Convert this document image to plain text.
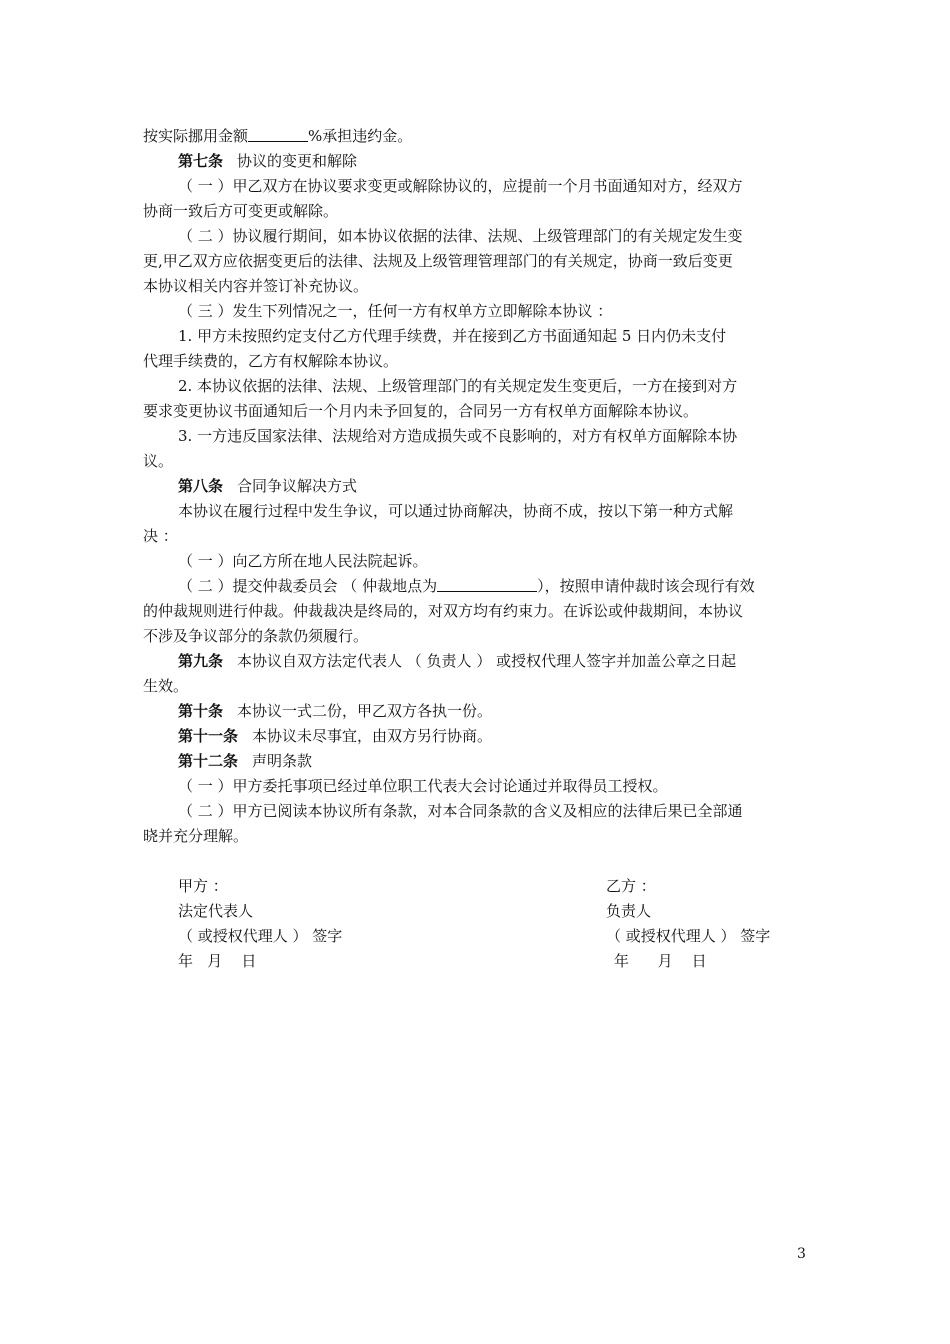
按实际挪用金额	%承担违约金。
第七条 协议的变更和解除
（ 一 ）甲乙双方在协议要求变更或解除协议的，应提前一个月书面通知对方，经双方
协商一致后方可变更或解除。
（ 二 ）协议履行期间，如本协议依据的法律、法规、上级管理部门的有关规定发生变
更,甲乙双方应依据变更后的法律、法规及上级管理管理部门的有关规定，协商一致后变更
本协议相关内容并签订补充协议。
（ 三 ）发生下列情况之一，任何一方有权单方立即解除本协议 ：
1. 甲方未按照约定支付乙方代理手续费，并在接到乙方书面通知起 5 日内仍未支付
代理手续费的，乙方有权解除本协议。
2. 本协议依据的法律、法规、上级管理部门的有关规定发生变更后，一方在接到对方
要求变更协议书面通知后一个月内未予回复的，合同另一方有权单方面解除本协议。
3. 一方违反国家法律、法规给对方造成损失或不良影响的，对方有权单方面解除本协
议。
第八条 合同争议解决方式
本协议在履行过程中发生争议，可以通过协商解决，协商不成，按以下第一种方式解
决 ：
（ 一 ）向乙方所在地人民法院起诉。
（ 二 ）提交仲裁委员会 （ 仲裁地点为	），按照申请仲裁时该会现行有效
的仲裁规则进行仲裁。仲裁裁决是终局的，对双方均有约束力。在诉讼或仲裁期间，本协议
不涉及争议部分的条款仍须履行。
第九条 本协议自双方法定代表人 （ 负责人 ） 或授权代理人签字并加盖公章之日起
生效。
第十条 本协议一式二份，甲乙双方各执一份。
第十一条 本协议未尽事宜，由双方另行协商。
第十二条 声明条款
（ 一 ）甲方委托事项已经过单位职工代表大会讨论通过并取得员工授权。
（ 二 ）甲方已阅读本协议所有条款，对本合同条款的含义及相应的法律后果已全部通
晓并充分理解。
甲方 ：
法定代表人
（ 或授权代理人 ） 签字
年   月    日
乙方 ：
负责人
（ 或授权代理人 ） 签字
年      月    日
3
